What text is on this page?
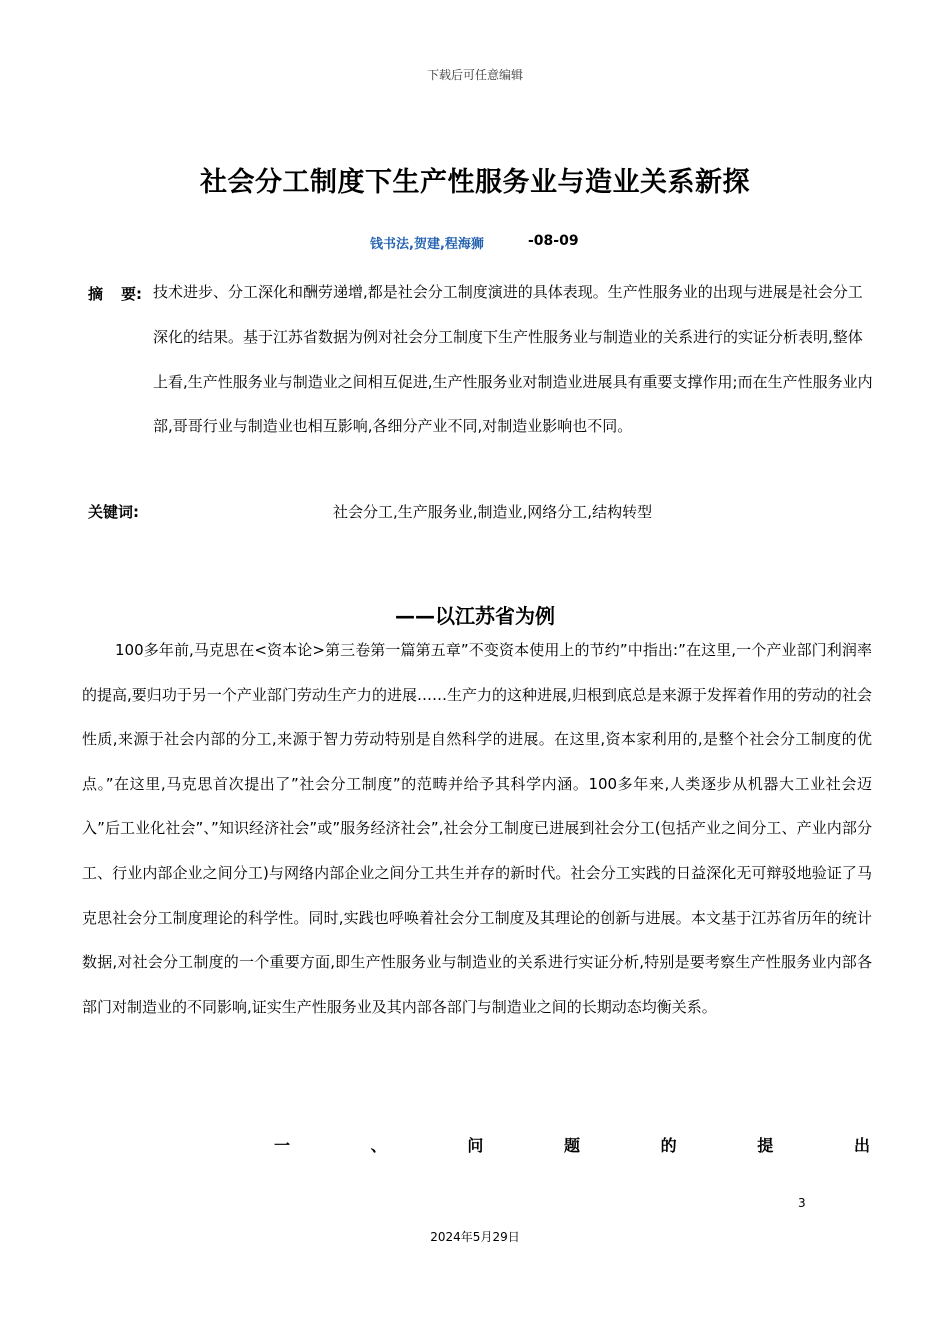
下载后可任意编辑
社会分工制度下生产性服务业与造业关系新探
钱书法,贺建,程海狮	-08-09
摘 要: 技术进步、分工深化和酬劳递增,都是社会分工制度演进的具体表现。生产性服务业的出现与进展是社会分工深化的结果。基于江苏省数据为例对社会分工制度下生产性服务业与制造业的关系进行的实证分析表明,整体上看,生产性服务业与制造业之间相互促进,生产性服务业对制造业进展具有重要支撑作用;而在生产性服务业内部,哥哥行业与制造业也相互影响,各细分产业不同,对制造业影响也不同。

关键词:	社会分工,生产服务业,制造业,网络分工,结构转型
——以江苏省为例

100多年前,马克思在<资本论>第三卷第一篇第五章”不变资本使用上的节约”中指出:”在这里,一个产业部门利润率的提高,要归功于另一个产业部门劳动生产力的进展……生产力的这种进展,归根到底总是来源于发挥着作用的劳动的社会性质,来源于社会内部的分工,来源于智力劳动特别是自然科学的进展。在这里,资本家利用的,是整个社会分工制度的优点。”在这里,马克思首次提出了”社会分工制度”的范畴并给予其科学内涵。100多年来,人类逐步从机器大工业社会迈入”后工业化社会”、”知识经济社会”或”服务经济社会”,社会分工制度已进展到社会分工(包括产业之间分工、产业内部分工、行业内部企业之间分工)与网络内部企业之间分工共生并存的新时代。社会分工实践的日益深化无可辩驳地验证了马克思社会分工制度理论的科学性。同时,实践也呼唤着社会分工制度及其理论的创新与进展。本文基于江苏省历年的统计数据,对社会分工制度的一个重要方面,即生产性服务业与制造业的关系进行实证分析,特别是要考察生产性服务业内部各部门对制造业的不同影响,证实生产性服务业及其内部各部门与制造业之间的长期动态均衡关系。

一	、	问	题	的	提	出
3
2024年5月29日
